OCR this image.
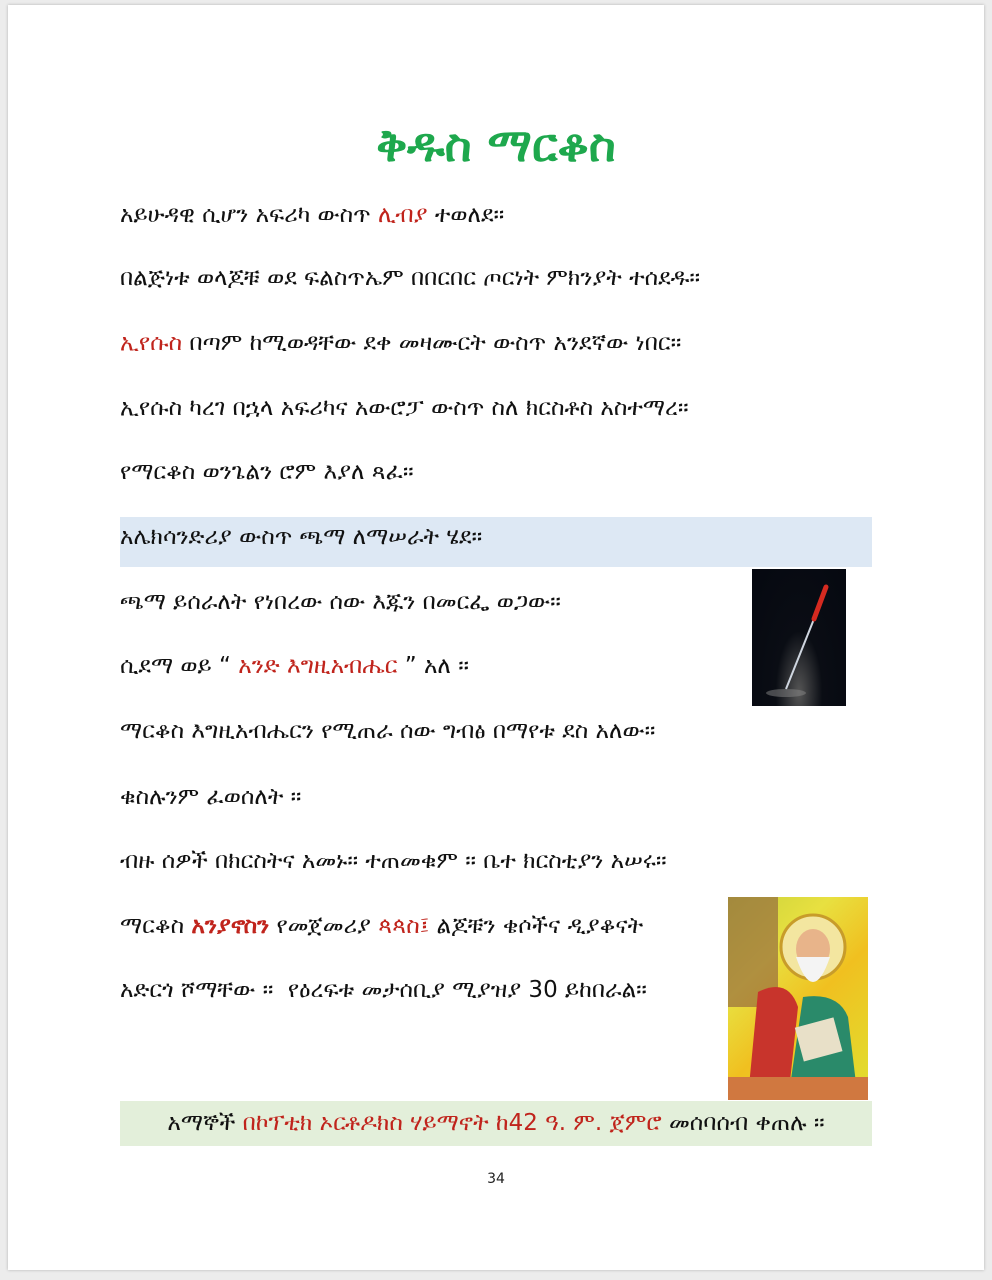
ቅዱስ ማርቆስ
አይሁዳዊ ሲሆን አፍሪካ ውስጥ ሊብያ ተወለደ።
በልጅነቱ ወላጆቹ ወደ ፍልስጥኤም በበርበር ጦርነት ምክንያት ተሰደዱ።
ኢየሱስ በጣም ከሚወዳቸው ደቀ መዛሙርት ውስጥ አንደኛው ነበር።
ኢየሱስ ካረገ በኋላ አፍሪካና አውሮፓ ውስጥ ስለ ክርስቶስ አስተማረ።
የማርቆስ ወንጌልን ሮም እያለ ጻፈ።
አሌክሳንድሪያ ውስጥ ጫማ ለማሠራት ሄደ።
ጫማ ይሰራለት የነበረው ሰው እጁን በመርፌ ወጋው።
ሲደማ ወይ “ አንድ እግዚአብሔር ” አለ ።
ማርቆስ እግዚአብሔርን የሚጠራ ሰው ግብፅ በማየቱ ደስ አለው።
ቁስሉንም ፈወሰለት ።
ብዙ ሰዎች በክርስትና አመኑ። ተጠመቁም ። ቤተ ክርስቲያን አሠሩ።
ማርቆስ አንያኖስን የመጀመሪያ ጳጳስ፤ ልጆቹን ቄሶችና ዲያቆናት
አድርጎ ሾማቸው ።  የዕረፍቱ መታሰቢያ ሚያዝያ 30 ይከበራል።
አማኞች በኮፕቲክ ኦርቶዶክስ ሃይማኖት ከ42 ዓ. ም. ጀምሮ መሰባሰብ ቀጠሉ ።
34
